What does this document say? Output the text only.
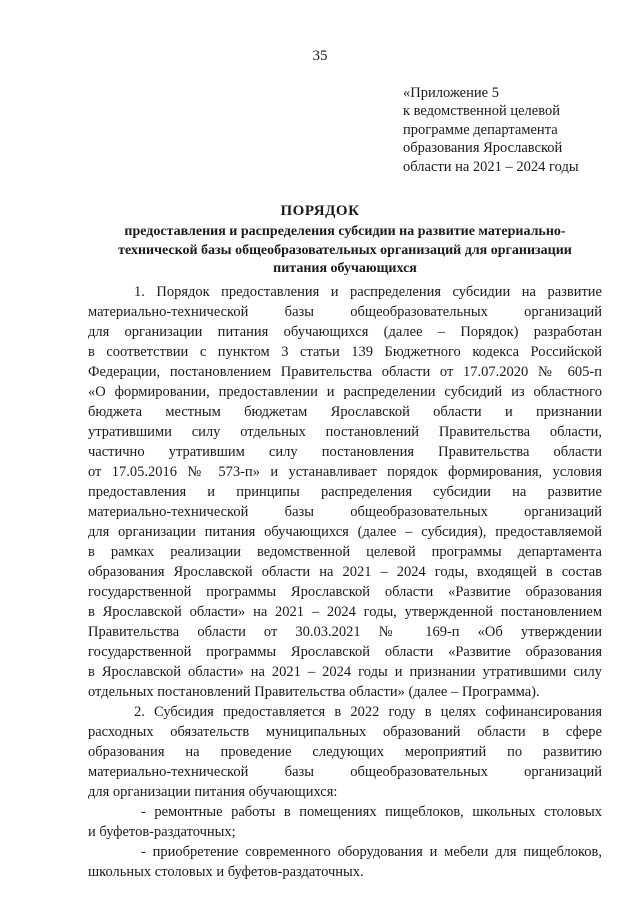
35
«Приложение 5
к ведомственной целевой
программе департамента
образования Ярославской
области на 2021 – 2024 годы
ПОРЯДОК
предоставления и распределения субсидии на развитие материально-
технической базы общеобразовательных организаций для организации
питания обучающихся
1. Порядок предоставления и распределения субсидии на развитие
материально-технической базы общеобразовательных организаций
для организации питания обучающихся (далее – Порядок) разработан
в соответствии с пунктом 3 статьи 139 Бюджетного кодекса Российской
Федерации, постановлением Правительства области от 17.07.2020 № 605-п
«О формировании, предоставлении и распределении субсидий из областного
бюджета местным бюджетам Ярославской области и признании
утратившими силу отдельных постановлений Правительства области,
частично утратившим силу постановления Правительства области
от 17.05.2016 № 573-п» и устанавливает порядок формирования, условия
предоставления и принципы распределения субсидии на развитие
материально-технической базы общеобразовательных организаций
для организации питания обучающихся (далее – субсидия), предоставляемой
в рамках реализации ведомственной целевой программы департамента
образования Ярославской области на 2021 – 2024 годы, входящей в состав
государственной программы Ярославской области «Развитие образования
в Ярославской области» на 2021 – 2024 годы, утвержденной постановлением
Правительства области от 30.03.2021 № 169-п «Об утверждении
государственной программы Ярославской области «Развитие образования
в Ярославской области» на 2021 – 2024 годы и признании утратившими силу
отдельных постановлений Правительства области» (далее – Программа).
2. Субсидия предоставляется в 2022 году в целях софинансирования
расходных обязательств муниципальных образований области в сфере
образования на проведение следующих мероприятий по развитию
материально-технической базы общеобразовательных организаций
для организации питания обучающихся:
- ремонтные работы в помещениях пищеблоков, школьных столовых
и буфетов-раздаточных;
- приобретение современного оборудования и мебели для пищеблоков,
школьных столовых и буфетов-раздаточных.
